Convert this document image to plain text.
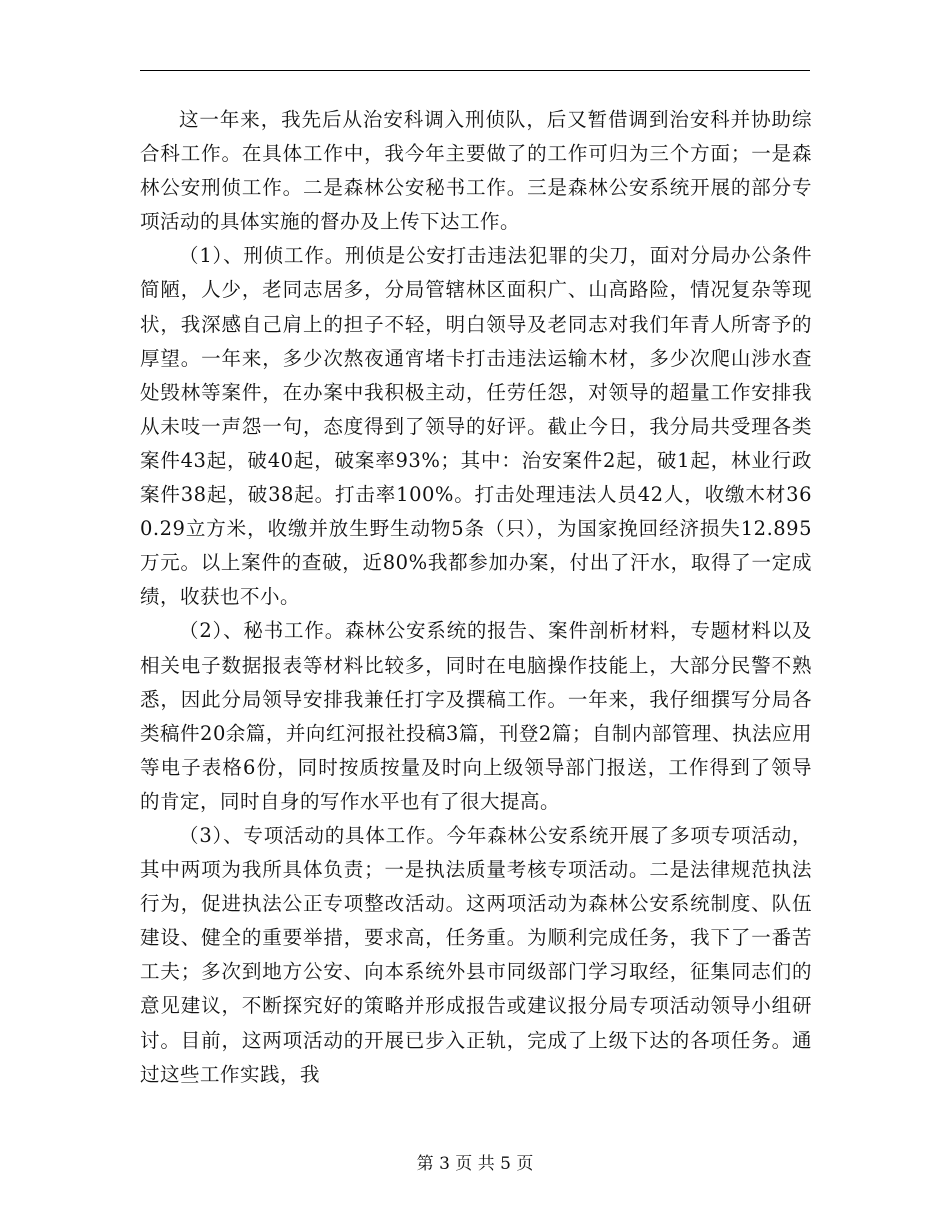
这一年来，我先后从治安科调入刑侦队，后又暂借调到治安科并协助综合科工作。在具体工作中，我今年主要做了的工作可归为三个方面；一是森林公安刑侦工作。二是森林公安秘书工作。三是森林公安系统开展的部分专项活动的具体实施的督办及上传下达工作。

（1）、刑侦工作。刑侦是公安打击违法犯罪的尖刀，面对分局办公条件简陋，人少，老同志居多，分局管辖林区面积广、山高路险，情况复杂等现状，我深感自己肩上的担子不轻，明白领导及老同志对我们年青人所寄予的厚望。一年来，多少次熬夜通宵堵卡打击违法运输木材，多少次爬山涉水查处毁林等案件，在办案中我积极主动，任劳任怨，对领导的超量工作安排我从未吱一声怨一句，态度得到了领导的好评。截止今日，我分局共受理各类案件43起，破40起，破案率93%；其中：治安案件2起，破1起，林业行政案件38起，破38起。打击率100%。打击处理违法人员42人，收缴木材360.29立方米，收缴并放生野生动物5条（只），为国家挽回经济损失12.895万元。以上案件的查破，近80%我都参加办案，付出了汗水，取得了一定成绩，收获也不小。

（2）、秘书工作。森林公安系统的报告、案件剖析材料，专题材料以及相关电子数据报表等材料比较多，同时在电脑操作技能上，大部分民警不熟悉，因此分局领导安排我兼任打字及撰稿工作。一年来，我仔细撰写分局各类稿件20余篇，并向红河报社投稿3篇，刊登2篇；自制内部管理、执法应用等电子表格6份，同时按质按量及时向上级领导部门报送，工作得到了领导的肯定，同时自身的写作水平也有了很大提高。

（3）、专项活动的具体工作。今年森林公安系统开展了多项专项活动，其中两项为我所具体负责；一是执法质量考核专项活动。二是法律规范执法行为，促进执法公正专项整改活动。这两项活动为森林公安系统制度、队伍建设、健全的重要举措，要求高，任务重。为顺利完成任务，我下了一番苦工夫；多次到地方公安、向本系统外县市同级部门学习取经，征集同志们的意见建议，不断探究好的策略并形成报告或建议报分局专项活动领导小组研讨。目前，这两项活动的开展已步入正轨，完成了上级下达的各项任务。通过这些工作实践，我

第 3 页 共 5 页
